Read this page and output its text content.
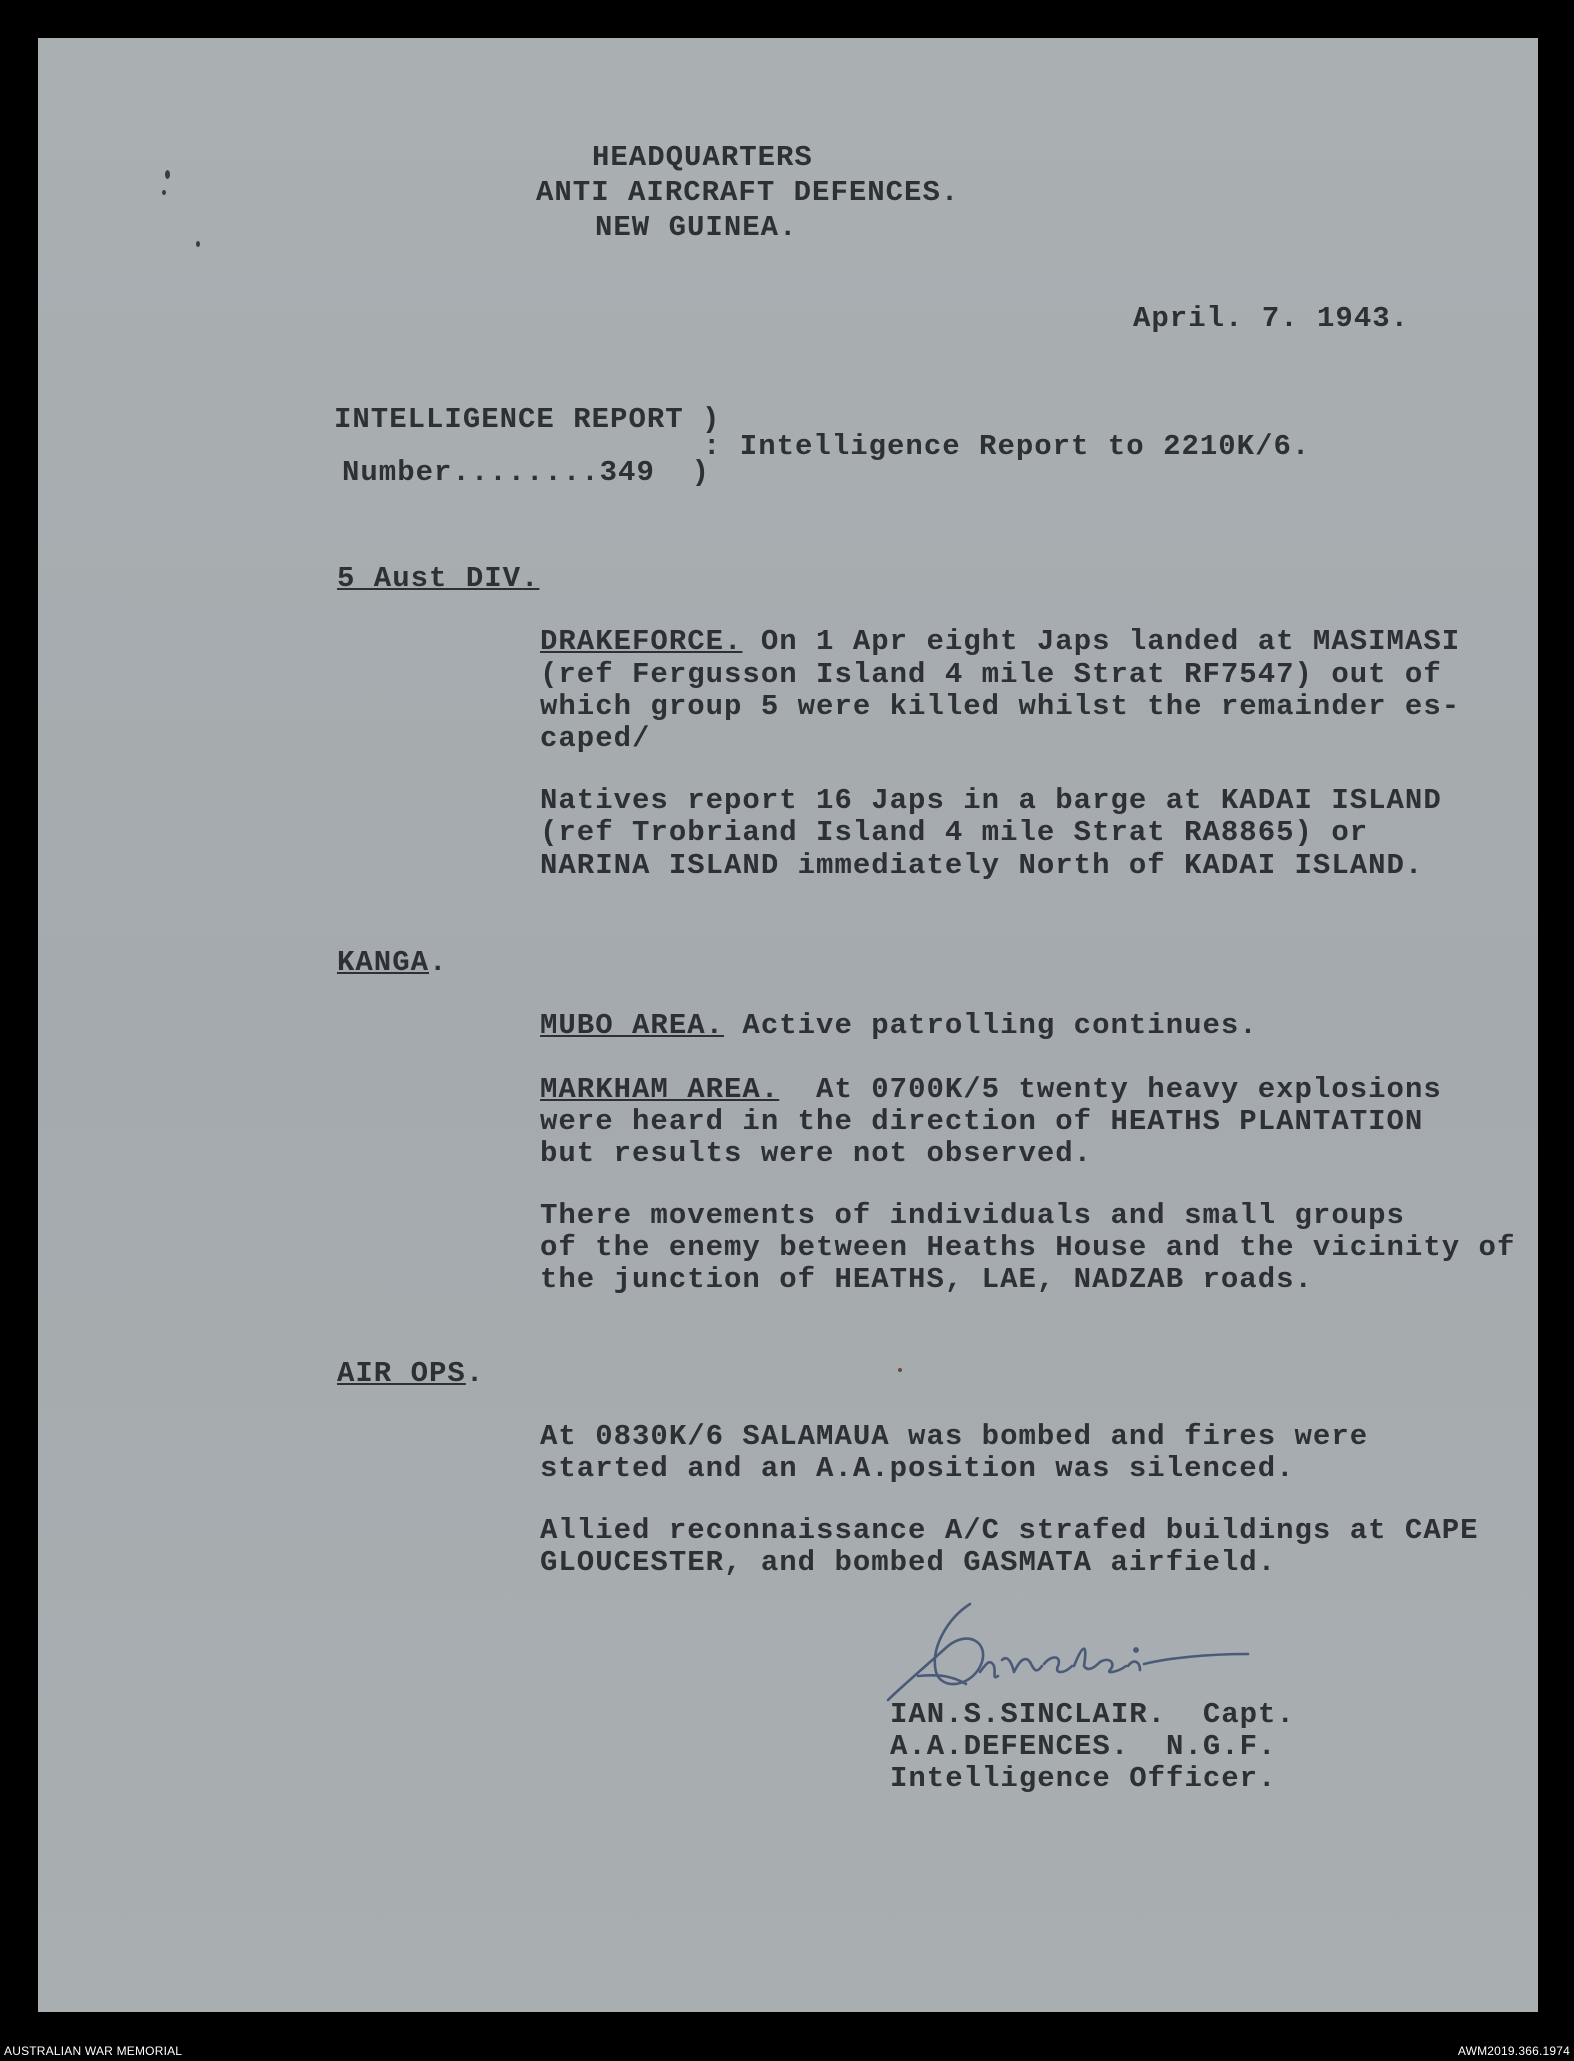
HEADQUARTERS
ANTI AIRCRAFT DEFENCES.
NEW GUINEA.
April. 7. 1943.
INTELLIGENCE REPORT )
: Intelligence Report to 2210K/6.
Number........349  )
5 Aust DIV.
DRAKEFORCE. On 1 Apr eight Japs landed at MASIMASI
(ref Fergusson Island 4 mile Strat RF7547) out of
which group 5 were killed whilst the remainder es-
caped/
Natives report 16 Japs in a barge at KADAI ISLAND
(ref Trobriand Island 4 mile Strat RA8865) or
NARINA ISLAND immediately North of KADAI ISLAND.
KANGA.
MUBO AREA. Active patrolling continues.
MARKHAM AREA.  At 0700K/5 twenty heavy explosions
were heard in the direction of HEATHS PLANTATION
but results were not observed.
There movements of individuals and small groups
of the enemy between Heaths House and the vicinity of
the junction of HEATHS, LAE, NADZAB roads.
AIR OPS.
At 0830K/6 SALAMAUA was bombed and fires were
started and an A.A.position was silenced.
Allied reconnaissance A/C strafed buildings at CAPE
GLOUCESTER, and bombed GASMATA airfield.
IAN.S.SINCLAIR.  Capt.
A.A.DEFENCES.  N.G.F.
Intelligence Officer.
AUSTRALIAN WAR MEMORIAL	AWM2019.366.1974
